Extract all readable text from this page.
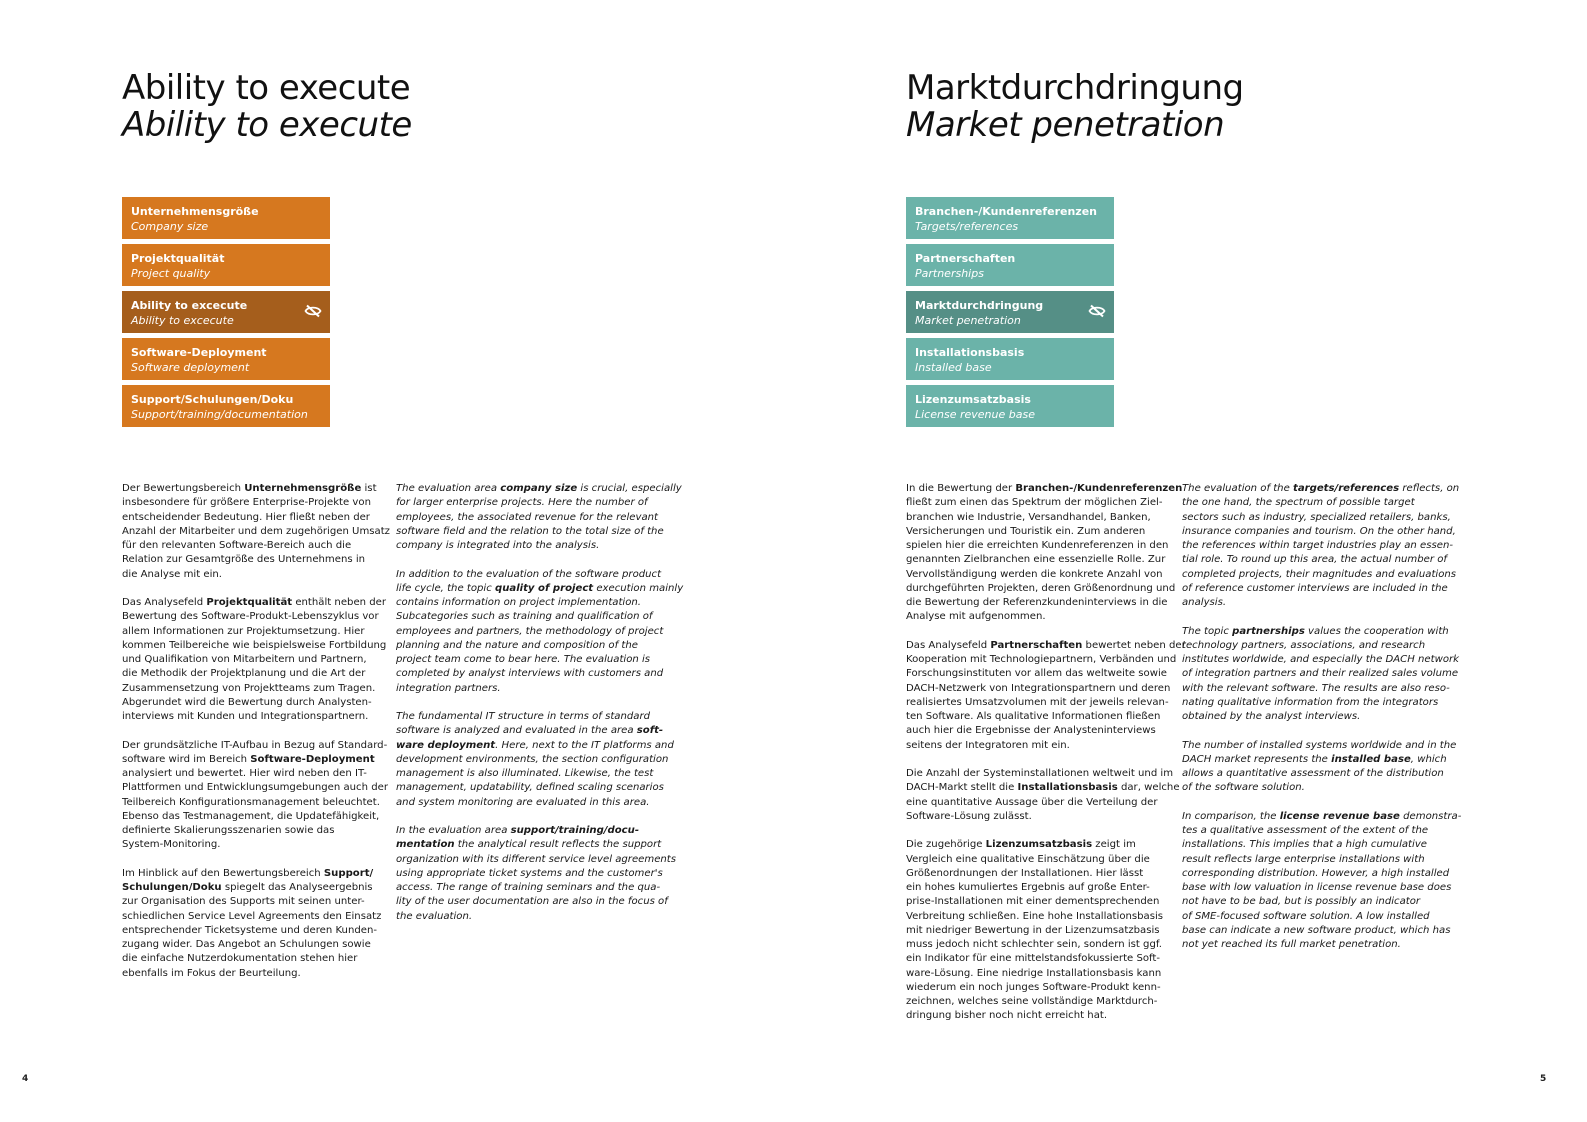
Ability to execute
Ability to execute
Unternehmensgröße
Company size
Projektqualität
Project quality
Ability to excecute
Ability to excecute
Software-Deployment
Software deployment
Support/Schulungen/Doku
Support/training/documentation

Der Bewertungsbereich Unternehmensgröße ist
insbesondere für größere Enterprise-Projekte von
entscheidender Bedeutung. Hier fließt neben der
Anzahl der Mitarbeiter und dem zugehörigen Umsatz
für den relevanten Software-Bereich auch die
Relation zur Gesamtgröße des Unternehmens in
die Analyse mit ein.

Das Analysefeld Projektqualität enthält neben der
Bewertung des Software-Produkt-Lebenszyklus vor
allem Informationen zur Projektumsetzung. Hier
kommen Teilbereiche wie beispielsweise Fortbildung
und Qualifikation von Mitarbeitern und Partnern,
die Methodik der Projektplanung und die Art der
Zusammensetzung von Projektteams zum Tragen.
Abgerundet wird die Bewertung durch Analysten-
interviews mit Kunden und Integrationspartnern.

Der grundsätzliche IT-Aufbau in Bezug auf Standard-
software wird im Bereich Software-Deployment
analysiert und bewertet. Hier wird neben den IT-
Plattformen und Entwicklungsumgebungen auch der
Teilbereich Konfigurationsmanagement beleuchtet.
Ebenso das Testmanagement, die Updatefähigkeit,
definierte Skalierungsszenarien sowie das
System-Monitoring.

Im Hinblick auf den Bewertungsbereich Support/
Schulungen/Doku spiegelt das Analyseergebnis
zur Organisation des Supports mit seinen unter-
schiedlichen Service Level Agreements den Einsatz
entsprechender Ticketsysteme und deren Kunden-
zugang wider. Das Angebot an Schulungen sowie
die einfache Nutzerdokumentation stehen hier
ebenfalls im Fokus der Beurteilung.

The evaluation area company size is crucial, especially
for larger enterprise projects. Here the number of
employees, the associated revenue for the relevant
software field and the relation to the total size of the
company is integrated into the analysis.

In addition to the evaluation of the software product
life cycle, the topic quality of project execution mainly
contains information on project implementation.
Subcategories such as training and qualification of
employees and partners, the methodology of project
planning and the nature and composition of the
project team come to bear here. The evaluation is
completed by analyst interviews with customers and
integration partners.

The fundamental IT structure in terms of standard
software is analyzed and evaluated in the area soft-
ware deployment. Here, next to the IT platforms and
development environments, the section configuration
management is also illuminated. Likewise, the test
management, updatability, defined scaling scenarios
and system monitoring are evaluated in this area.

In the evaluation area support/training/docu-
mentation the analytical result reflects the support
organization with its different service level agreements
using appropriate ticket systems and the customer's
access. The range of training seminars and the qua-
lity of the user documentation are also in the focus of
the evaluation.

4
Marktdurchdringung
Market penetration
Branchen-/Kundenreferenzen
Targets/references
Partnerschaften
Partnerships
Marktdurchdringung
Market penetration
Installationsbasis
Installed base
Lizenzumsatzbasis
License revenue base

In die Bewertung der Branchen-/Kundenreferenzen
fließt zum einen das Spektrum der möglichen Ziel-
branchen wie Industrie, Versandhandel, Banken,
Versicherungen und Touristik ein. Zum anderen
spielen hier die erreichten Kundenreferenzen in den
genannten Zielbranchen eine essenzielle Rolle. Zur
Vervollständigung werden die konkrete Anzahl von
durchgeführten Projekten, deren Größenordnung und
die Bewertung der Referenzkundeninterviews in die
Analyse mit aufgenommen.

Das Analysefeld Partnerschaften bewertet neben der
Kooperation mit Technologiepartnern, Verbänden und
Forschungsinstituten vor allem das weltweite sowie
DACH-Netzwerk von Integrationspartnern und deren
realisiertes Umsatzvolumen mit der jeweils relevan-
ten Software. Als qualitative Informationen fließen
auch hier die Ergebnisse der Analysteninterviews
seitens der Integratoren mit ein.

Die Anzahl der Systeminstallationen weltweit und im
DACH-Markt stellt die Installationsbasis dar, welche
eine quantitative Aussage über die Verteilung der
Software-Lösung zulässt.

Die zugehörige Lizenzumsatzbasis zeigt im
Vergleich eine qualitative Einschätzung über die
Größenordnungen der Installationen. Hier lässt
ein hohes kumuliertes Ergebnis auf große Enter-
prise-Installationen mit einer dementsprechenden
Verbreitung schließen. Eine hohe Installationsbasis
mit niedriger Bewertung in der Lizenzumsatzbasis
muss jedoch nicht schlechter sein, sondern ist ggf.
ein Indikator für eine mittelstandsfokussierte Soft-
ware-Lösung. Eine niedrige Installationsbasis kann
wiederum ein noch junges Software-Produkt kenn-
zeichnen, welches seine vollständige Marktdurch-
dringung bisher noch nicht erreicht hat.

The evaluation of the targets/references reflects, on
the one hand, the spectrum of possible target
sectors such as industry, specialized retailers, banks,
insurance companies and tourism. On the other hand,
the references within target industries play an essen-
tial role. To round up this area, the actual number of
completed projects, their magnitudes and evaluations
of reference customer interviews are included in the
analysis.

The topic partnerships values the cooperation with
technology partners, associations, and research
institutes worldwide, and especially the DACH network
of integration partners and their realized sales volume
with the relevant software. The results are also reso-
nating qualitative information from the integrators
obtained by the analyst interviews.

The number of installed systems worldwide and in the
DACH market represents the installed base, which
allows a quantitative assessment of the distribution
of the software solution.

In comparison, the license revenue base demonstra-
tes a qualitative assessment of the extent of the
installations. This implies that a high cumulative
result reflects large enterprise installations with
corresponding distribution. However, a high installed
base with low valuation in license revenue base does
not have to be bad, but is possibly an indicator
of SME-focused software solution. A low installed
base can indicate a new software product, which has
not yet reached its full market penetration.

5
